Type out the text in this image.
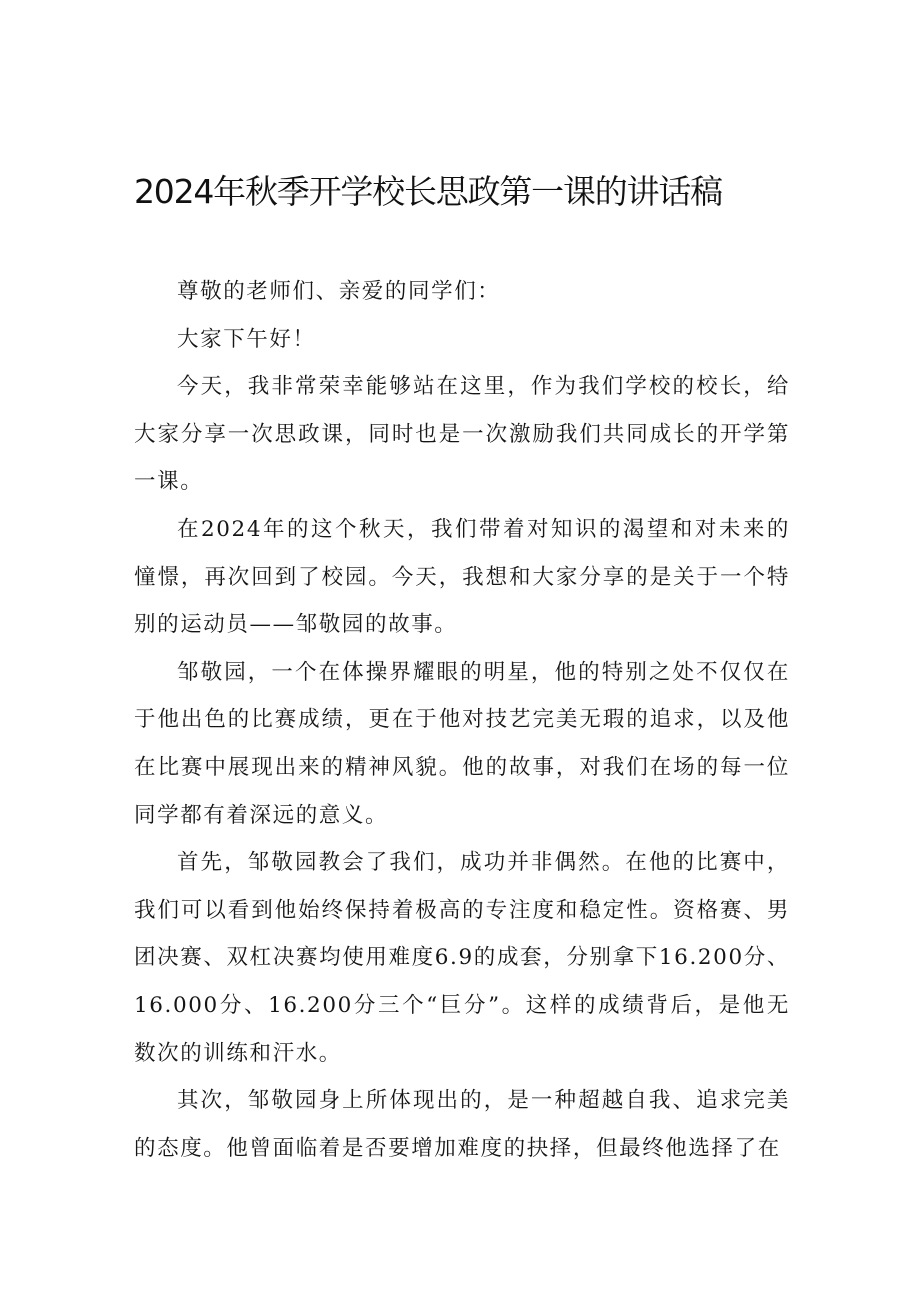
2024年秋季开学校长思政第一课的讲话稿

尊敬的老师们、亲爱的同学们：

大家下午好！

今天，我非常荣幸能够站在这里，作为我们学校的校长，给大家分享一次思政课，同时也是一次激励我们共同成长的开学第一课。

在2024年的这个秋天，我们带着对知识的渴望和对未来的憧憬，再次回到了校园。今天，我想和大家分享的是关于一个特别的运动员——邹敬园的故事。

邹敬园，一个在体操界耀眼的明星，他的特别之处不仅仅在于他出色的比赛成绩，更在于他对技艺完美无瑕的追求，以及他在比赛中展现出来的精神风貌。他的故事，对我们在场的每一位同学都有着深远的意义。

首先，邹敬园教会了我们，成功并非偶然。在他的比赛中，我们可以看到他始终保持着极高的专注度和稳定性。资格赛、男团决赛、双杠决赛均使用难度6.9的成套，分别拿下16.200分、16.000分、16.200分三个“巨分”。这样的成绩背后，是他无数次的训练和汗水。

其次，邹敬园身上所体现出的，是一种超越自我、追求完美的态度。他曾面临着是否要增加难度的抉择，但最终他选择了在
